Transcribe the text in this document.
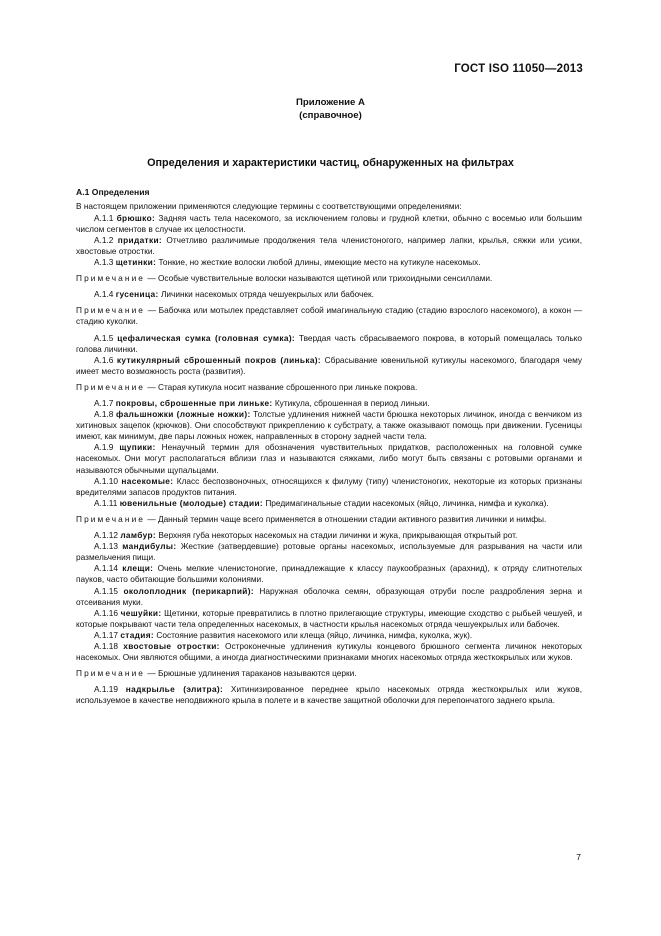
ГОСТ ISO 11050—2013
Приложение А
(справочное)
Определения и характеристики частиц, обнаруженных на фильтрах
А.1 Определения
В настоящем приложении применяются следующие термины с соответствующими определениями:
А.1.1 брюшко: Задняя часть тела насекомого, за исключением головы и грудной клетки, обычно с восемью или большим числом сегментов в случае их целостности.
А.1.2 придатки: Отчетливо различимые продолжения тела членистоногого, например лапки, крылья, сяжки или усики, хвостовые отростки.
А.1.3 щетинки: Тонкие, но жесткие волоски любой длины, имеющие место на кутикуле насекомых.
Примечание — Особые чувствительные волоски называются щетиной или трихоидными сенсиллами.
А.1.4 гусеница: Личинки насекомых отряда чешуекрылых или бабочек.
Примечание — Бабочка или мотылек представляет собой имагинальную стадию (стадию взрослого насекомого), а кокон — стадию куколки.
А.1.5 цефалическая сумка (головная сумка): Твердая часть сбрасываемого покрова, в который помещалась только голова личинки.
А.1.6 кутикулярный сброшенный покров (линька): Сбрасывание ювенильной кутикулы насекомого, благодаря чему имеет место возможность роста (развития).
Примечание — Старая кутикула носит название сброшенного при линьке покрова.
А.1.7 покровы, сброшенные при линьке: Кутикула, сброшенная в период линьки.
А.1.8 фальшножки (ложные ножки): Толстые удлинения нижней части брюшка некоторых личинок, иногда с венчиком из хитиновых зацепок (крючков). Они способствуют прикреплению к субстрату, а также оказывают помощь при движении. Гусеницы имеют, как минимум, две пары ложных ножек, направленных в сторону задней части тела.
А.1.9 щупики: Ненаучный термин для обозначения чувствительных придатков, расположенных на головной сумке насекомых. Они могут располагаться вблизи глаз и называются сяжками, либо могут быть связаны с ротовыми органами и называются обычными щупальцами.
А.1.10 насекомые: Класс беспозвоночных, относящихся к филуму (типу) членистоногих, некоторые из которых признаны вредителями запасов продуктов питания.
А.1.11 ювенильные (молодые) стадии: Предимагинальные стадии насекомых (яйцо, личинка, нимфа и куколка).
Примечание — Данный термин чаще всего применяется в отношении стадии активного развития личинки и нимфы.
А.1.12 ламбур: Верхняя губа некоторых насекомых на стадии личинки и жука, прикрывающая открытый рот.
А.1.13 мандибулы: Жесткие (затвердевшие) ротовые органы насекомых, используемые для разрывания на части или размельчения пищи.
А.1.14 клещи: Очень мелкие членистоногие, принадлежащие к классу паукообразных (арахнид), к отряду слитнотелых пауков, часто обитающие большими колониями.
А.1.15 околоплодник (перикарпий): Наружная оболочка семян, образующая отруби после раздробления зерна и отсеивания муки.
А.1.16 чешуйки: Щетинки, которые превратились в плотно прилегающие структуры, имеющие сходство с рыбьей чешуей, и которые покрывают части тела определенных насекомых, в частности крылья насекомых отряда чешуекрылых или бабочек.
А.1.17 стадия: Состояние развития насекомого или клеща (яйцо, личинка, нимфа, куколка, жук).
А.1.18 хвостовые отростки: Остроконечные удлинения кутикулы концевого брюшного сегмента личинок некоторых насекомых. Они являются общими, а иногда диагностическими признаками многих насекомых отряда жесткокрылых или жуков.
Примечание — Брюшные удлинения тараканов называются церки.
А.1.19 надкрылье (элитра): Хитинизированное переднее крыло насекомых отряда жесткокрылых или жуков, используемое в качестве неподвижного крыла в полете и в качестве защитной оболочки для перепончатого заднего крыла.
7
